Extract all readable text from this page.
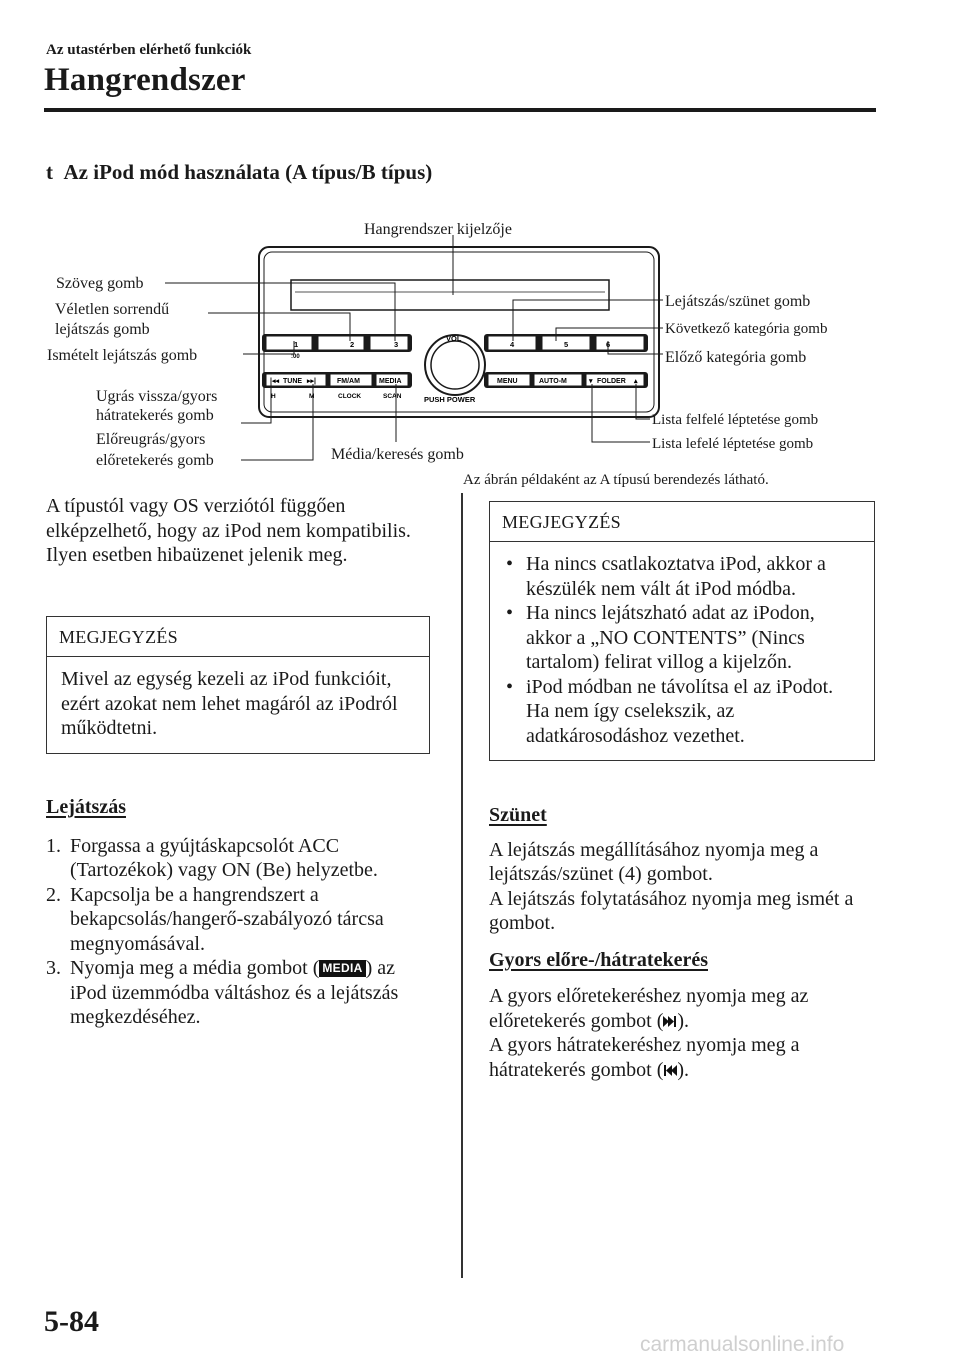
Az utastérben elérhető funkciók
Hangrendszer
t Az iPod mód használata (A típus/B típus)
1	2	3
:00
4	5	6
VOL
PUSH POWER
|◂◂ TUNE ▸▸|	FM/AM	MEDIA
H	M	CLOCK	SCAN
MENU	AUTO-M	▾ FOLDER ▴
Hangrendszer kijelzője
Szöveg gomb
Véletlen sorrendű
lejátszás gomb
Ismételt lejátszás gomb
Ugrás vissza/gyors
hátratekerés gomb
Előreugrás/gyors
előretekerés gomb	Média/keresés gomb
Lejátszás/szünet gomb
Következő kategória gomb
Előző kategória gomb
Lista felfelé léptetése gomb
Lista lefelé léptetése gomb
Az ábrán példaként az A típusú berendezés látható.

A típustól vagy OS verziótól függően elképzelhető, hogy az iPod nem kompatibilis. Ilyen esetben hibaüzenet jelenik meg.

MEGJEGYZÉS
Mivel az egység kezeli az iPod funkcióit, ezért azokat nem lehet magáról az iPodról működtetni.
Lejátszás
1. Forgassa a gyújtáskapcsolót ACC (Tartozékok) vagy ON (Be) helyzetbe.
2. Kapcsolja be a hangrendszert a bekapcsolás/hangerő-szabályozó tárcsa megnyomásával.
3. Nyomja meg a média gombot ( MEDIA ) az iPod üzemmódba váltáshoz és a lejátszás megkezdéséhez.
MEGJEGYZÉS
• Ha nincs csatlakoztatva iPod, akkor a készülék nem vált át iPod módba.
• Ha nincs lejátszható adat az iPodon, akkor a „NO CONTENTS” (Nincs tartalom) felirat villog a kijelzőn.
• iPod módban ne távolítsa el az iPodot. Ha nem így cselekszik, az adatkárosodáshoz vezethet.
Szünet

A lejátszás megállításához nyomja meg a lejátszás/szünet (4) gombot.

A lejátszás folytatásához nyomja meg ismét a gombot.

Gyors előre-/hátratekerés

A gyors előretekeréshez nyomja meg az előretekerés gombot ( ).

A gyors hátratekeréshez nyomja meg a hátratekerés gombot ( ).

5-84
carmanualsonline.info
